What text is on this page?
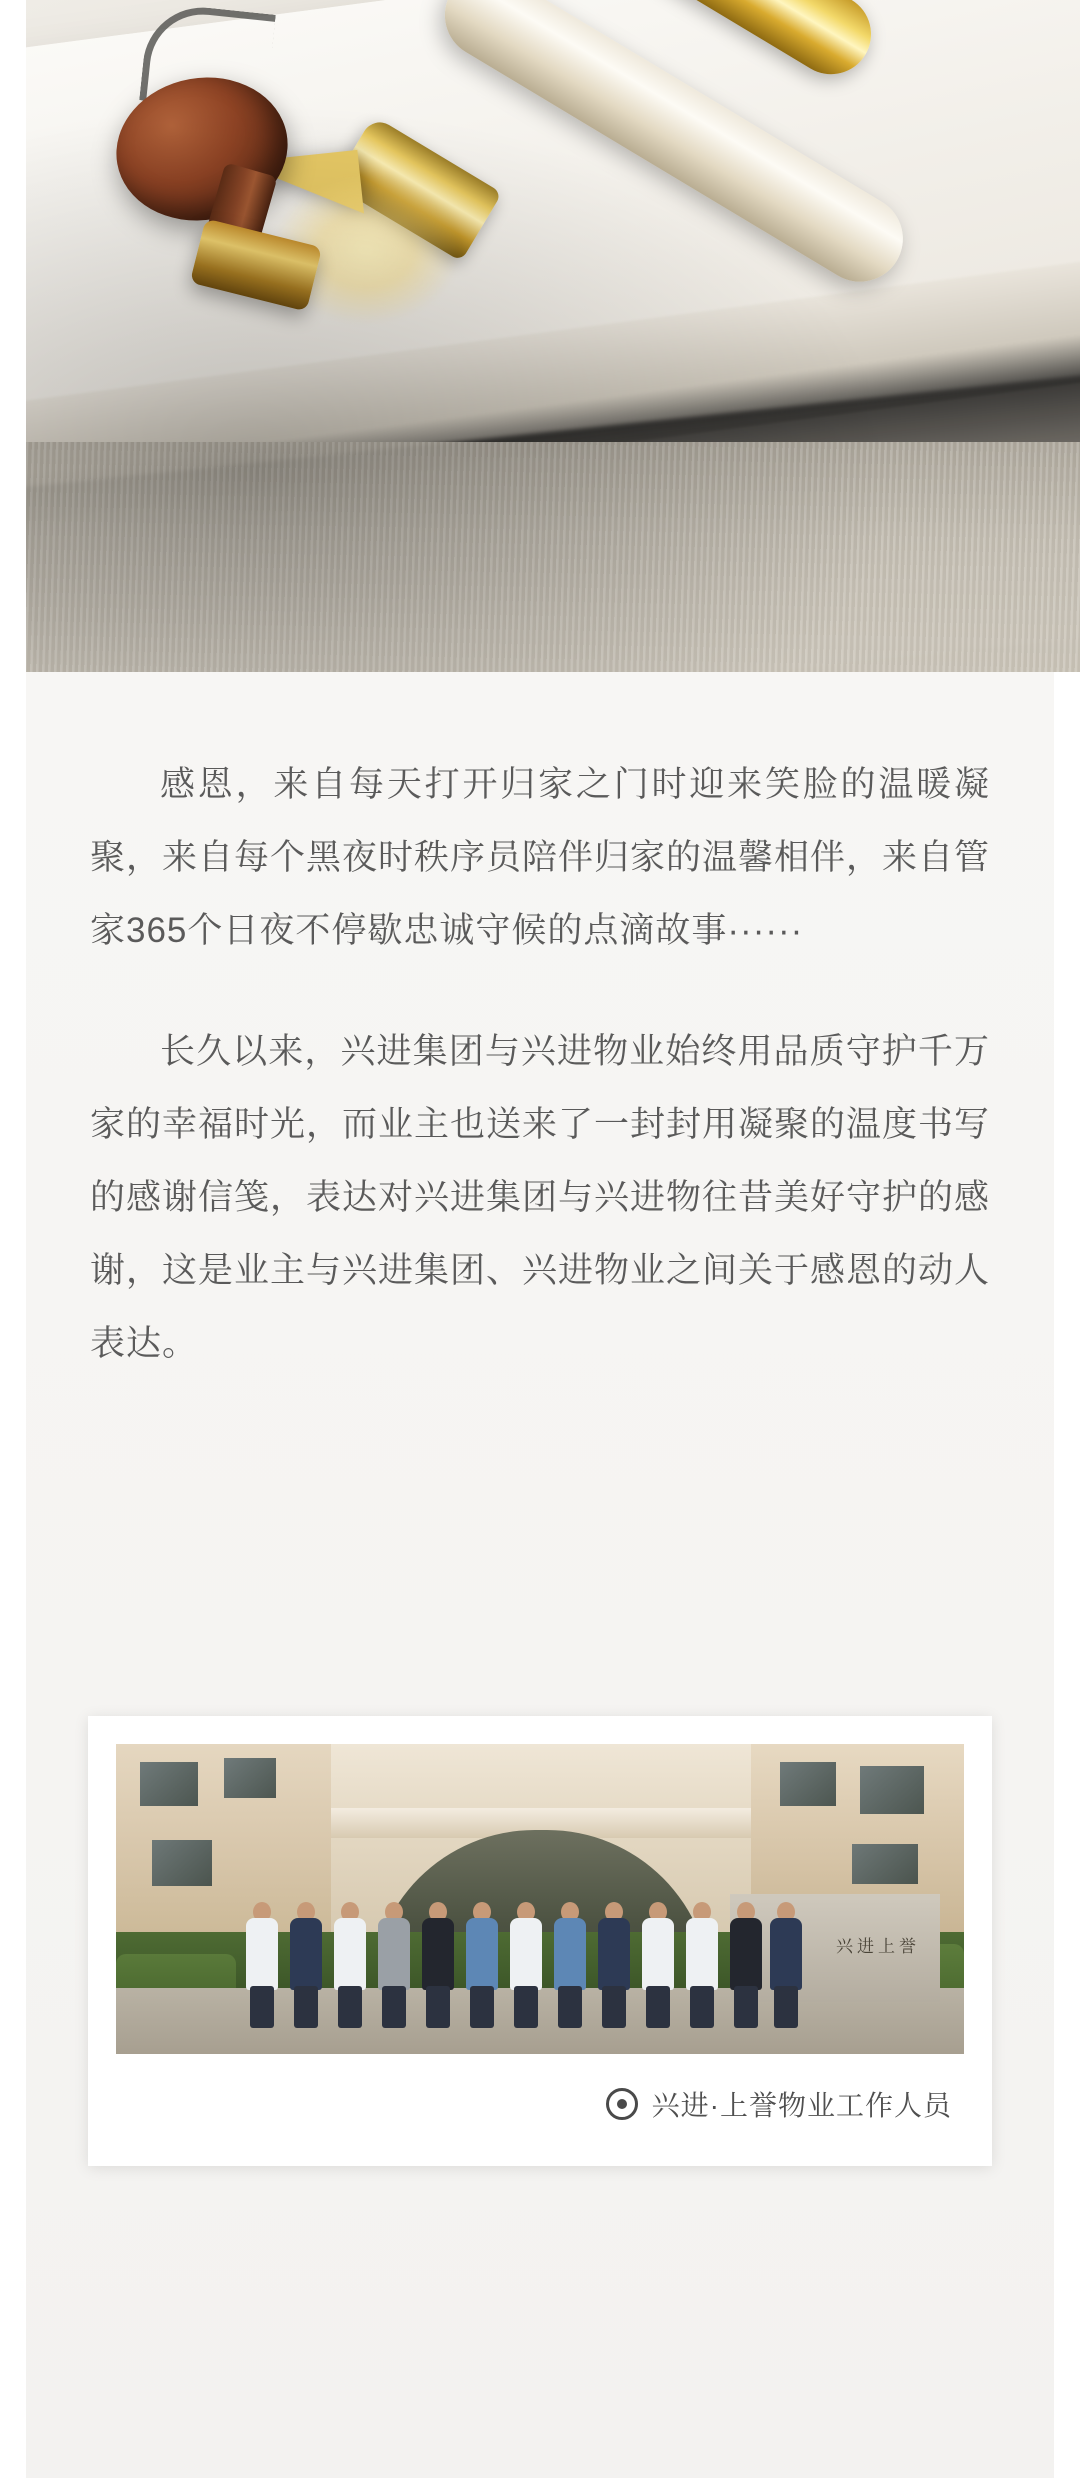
感恩，来自每天打开归家之门时迎来笑脸的温暖凝聚，来自每个黑夜时秩序员陪伴归家的温馨相伴，来自管家365个日夜不停歇忠诚守候的点滴故事······

长久以来，兴进集团与兴进物业始终用品质守护千万家的幸福时光，而业主也送来了一封封用凝聚的温度书写的感谢信笺，表达对兴进集团与兴进物往昔美好守护的感谢，这是业主与兴进集团、兴进物业之间关于感恩的动人表达。

兴进上誉
兴进·上誉物业工作人员
